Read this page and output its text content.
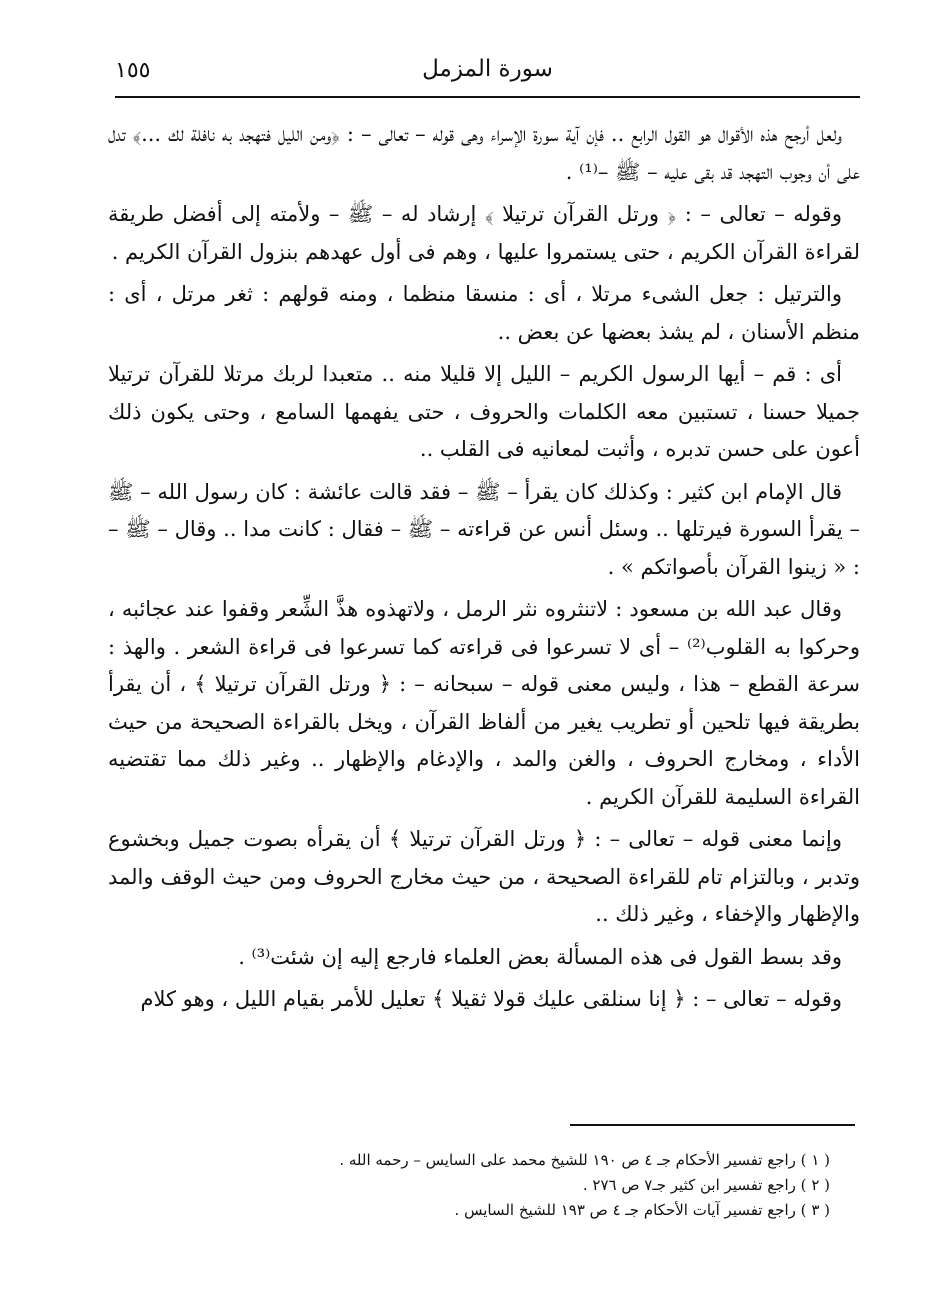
١٥٥	سورة المزمل

ولعل أرجح هذه الأقوال هو القول الرابع .. فإن آية سورة الإسراء وهى قوله – تعالى – : ﴿ومن الليل فتهجد به نافلة لك ...﴾ تدل على أن وجوب التهجد قد بقى عليه – ﷺ –⁽¹⁾ .

وقوله – تعالى – : ﴿ ورتل القرآن ترتيلا ﴾ إرشاد له – ﷺ – ولأمته إلى أفضل طريقة لقراءة القرآن الكريم ، حتى يستمروا عليها ، وهم فى أول عهدهم بنزول القرآن الكريم .

والترتيل : جعل الشىء مرتلا ، أى : منسقا منظما ، ومنه قولهم : ثغر مرتل ، أى : منظم الأسنان ، لم يشذ بعضها عن بعض ..

أى : قم – أيها الرسول الكريم – الليل إلا قليلا منه .. متعبدا لربك مرتلا للقرآن ترتيلا جميلا حسنا ، تستبين معه الكلمات والحروف ، حتى يفهمها السامع ، وحتى يكون ذلك أعون على حسن تدبره ، وأثبت لمعانيه فى القلب ..

قال الإمام ابن كثير : وكذلك كان يقرأ – ﷺ – فقد قالت عائشة : كان رسول الله – ﷺ – يقرأ السورة فيرتلها .. وسئل أنس عن قراءته – ﷺ – فقال : كانت مدا .. وقال – ﷺ – : « زينوا القرآن بأصواتكم » .

وقال عبد الله بن مسعود : لاتنثروه نثر الرمل ، ولاتهذوه هذَّ الشِّعر وقفوا عند عجائبه ، وحركوا به القلوب⁽²⁾ – أى لا تسرعوا فى قراءته كما تسرعوا فى قراءة الشعر . والهذ : سرعة القطع – هذا ، وليس معنى قوله – سبحانه – : ﴿ ورتل القرآن ترتيلا ﴾ ، أن يقرأ بطريقة فيها تلحين أو تطريب يغير من ألفاظ القرآن ، ويخل بالقراءة الصحيحة من حيث الأداء ، ومخارج الحروف ، والغن والمد ، والإدغام والإظهار .. وغير ذلك مما تقتضيه القراءة السليمة للقرآن الكريم .

وإنما معنى قوله – تعالى – : ﴿ ورتل القرآن ترتيلا ﴾ أن يقرأه بصوت جميل وبخشوع وتدبر ، وبالتزام تام للقراءة الصحيحة ، من حيث مخارج الحروف ومن حيث الوقف والمد والإظهار والإخفاء ، وغير ذلك ..

وقد بسط القول فى هذه المسألة بعض العلماء فارجع إليه إن شئت⁽³⁾ .

وقوله – تعالى – : ﴿ إنا سنلقى عليك قولا ثقيلا ﴾ تعليل للأمر بقيام الليل ، وهو كلام

( ١ ) راجع تفسير الأحكام جـ ٤ ص ١٩٠ للشيخ محمد على السايس – رحمه الله .

( ٢ ) راجع تفسير ابن كثير جـ٧ ص ٢٧٦ .

( ٣ ) راجع تفسير آيات الأحكام جـ ٤ ص ١٩٣ للشيخ السايس .
